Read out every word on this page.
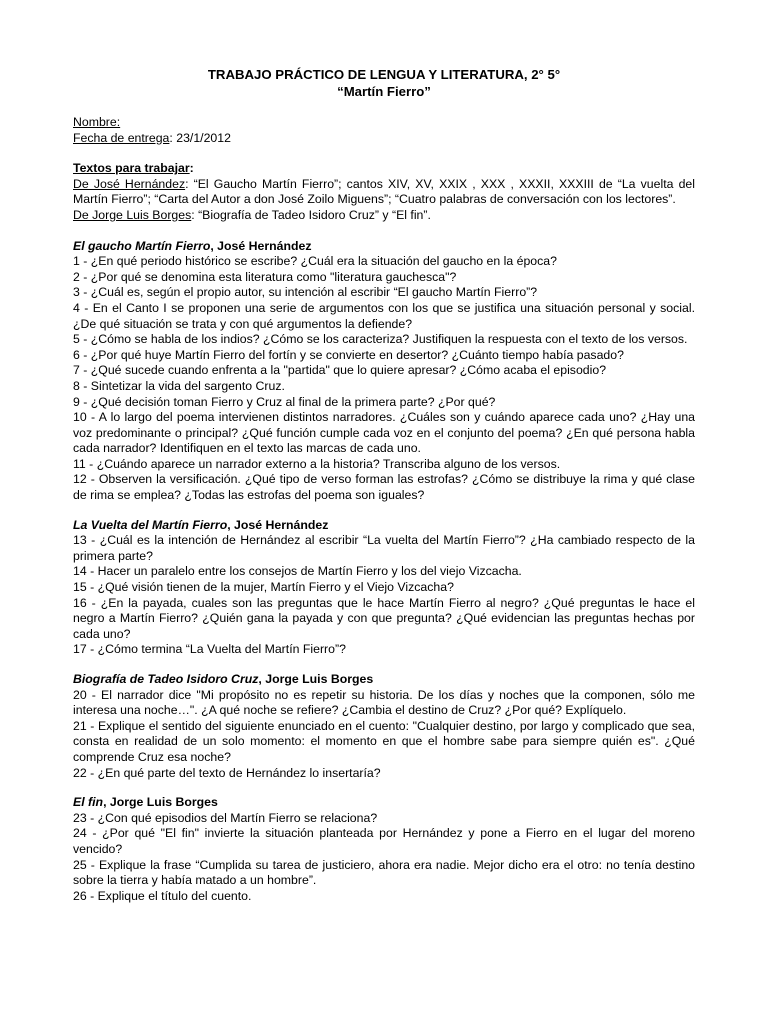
TRABAJO PRÁCTICO DE LENGUA Y LITERATURA, 2° 5°

“Martín Fierro”

Nombre:

Fecha de entrega: 23/1/2012

Textos para trabajar:

De José Hernández: “El Gaucho Martín Fierro”; cantos XIV, XV, XXIX , XXX , XXXII, XXXIII de “La vuelta del Martín Fierro”; “Carta del Autor a don José Zoilo Miguens”; “Cuatro palabras de conversación con los lectores”.

De Jorge Luis Borges: “Biografía de Tadeo Isidoro Cruz” y “El fin”.

El gaucho Martín Fierro, José Hernández

1 - ¿En qué periodo histórico se escribe? ¿Cuál era la situación del gaucho en la época?

2 - ¿Por qué se denomina esta literatura como "literatura gauchesca"?

3 - ¿Cuál es, según el propio autor, su intención al escribir “El gaucho Martín Fierro”?

4 - En el Canto I se proponen una serie de argumentos con los que se justifica una situación personal y social. ¿De qué situación se trata y con qué argumentos la defiende?

5 - ¿Cómo se habla de los indios? ¿Cómo se los caracteriza? Justifiquen la respuesta con el texto de los versos.

6 - ¿Por qué huye Martín Fierro del fortín y se convierte en desertor? ¿Cuánto tiempo había pasado?

7 - ¿Qué sucede cuando enfrenta a la "partida" que lo quiere apresar? ¿Cómo acaba el episodio?

8 - Sintetizar la vida del sargento Cruz.

9 - ¿Qué decisión toman Fierro y Cruz al final de la primera parte? ¿Por qué?

10 - A lo largo del poema intervienen distintos narradores. ¿Cuáles son y cuándo aparece cada uno? ¿Hay una voz predominante o principal? ¿Qué función cumple cada voz en el conjunto del poema? ¿En qué persona habla cada narrador? Identifiquen en el texto las marcas de cada uno.

11 - ¿Cuándo aparece un narrador externo a la historia? Transcriba alguno de los versos.

12 - Observen la versificación. ¿Qué tipo de verso forman las estrofas? ¿Cómo se distribuye la rima y qué clase de rima se emplea? ¿Todas las estrofas del poema son iguales?

La Vuelta del Martín Fierro, José Hernández

13 - ¿Cuál es la intención de Hernández al escribir “La vuelta del Martín Fierro”? ¿Ha cambiado respecto de la primera parte?

14 - Hacer un paralelo entre los consejos de Martín Fierro y los del viejo Vizcacha.

15 - ¿Qué visión tienen de la mujer, Martín Fierro y el Viejo Vizcacha?

16 - ¿En la payada, cuales son las preguntas que le hace Martín Fierro al negro? ¿Qué preguntas le hace el negro a Martín Fierro? ¿Quién gana la payada y con que pregunta? ¿Qué evidencian las preguntas hechas por cada uno?

17 - ¿Cómo termina “La Vuelta del Martín Fierro”?

Biografía de Tadeo Isidoro Cruz, Jorge Luis Borges

20 - El narrador dice "Mi propósito no es repetir su historia. De los días y noches que la componen, sólo me interesa una noche…". ¿A qué noche se refiere? ¿Cambia el destino de Cruz? ¿Por qué? Explíquelo.

21 - Explique el sentido del siguiente enunciado en el cuento: "Cualquier destino, por largo y complicado que sea, consta en realidad de un solo momento: el momento en que el hombre sabe para siempre quién es". ¿Qué comprende Cruz esa noche?

22 - ¿En qué parte del texto de Hernández lo insertaría?

El fin, Jorge Luis Borges

23 - ¿Con qué episodios del Martín Fierro se relaciona?

24 - ¿Por qué "El fin" invierte la situación planteada por Hernández y pone a Fierro en el lugar del moreno vencido?

25 - Explique la frase “Cumplida su tarea de justiciero, ahora era nadie. Mejor dicho era el otro: no tenía destino sobre la tierra y había matado a un hombre”.

26 - Explique el título del cuento.
